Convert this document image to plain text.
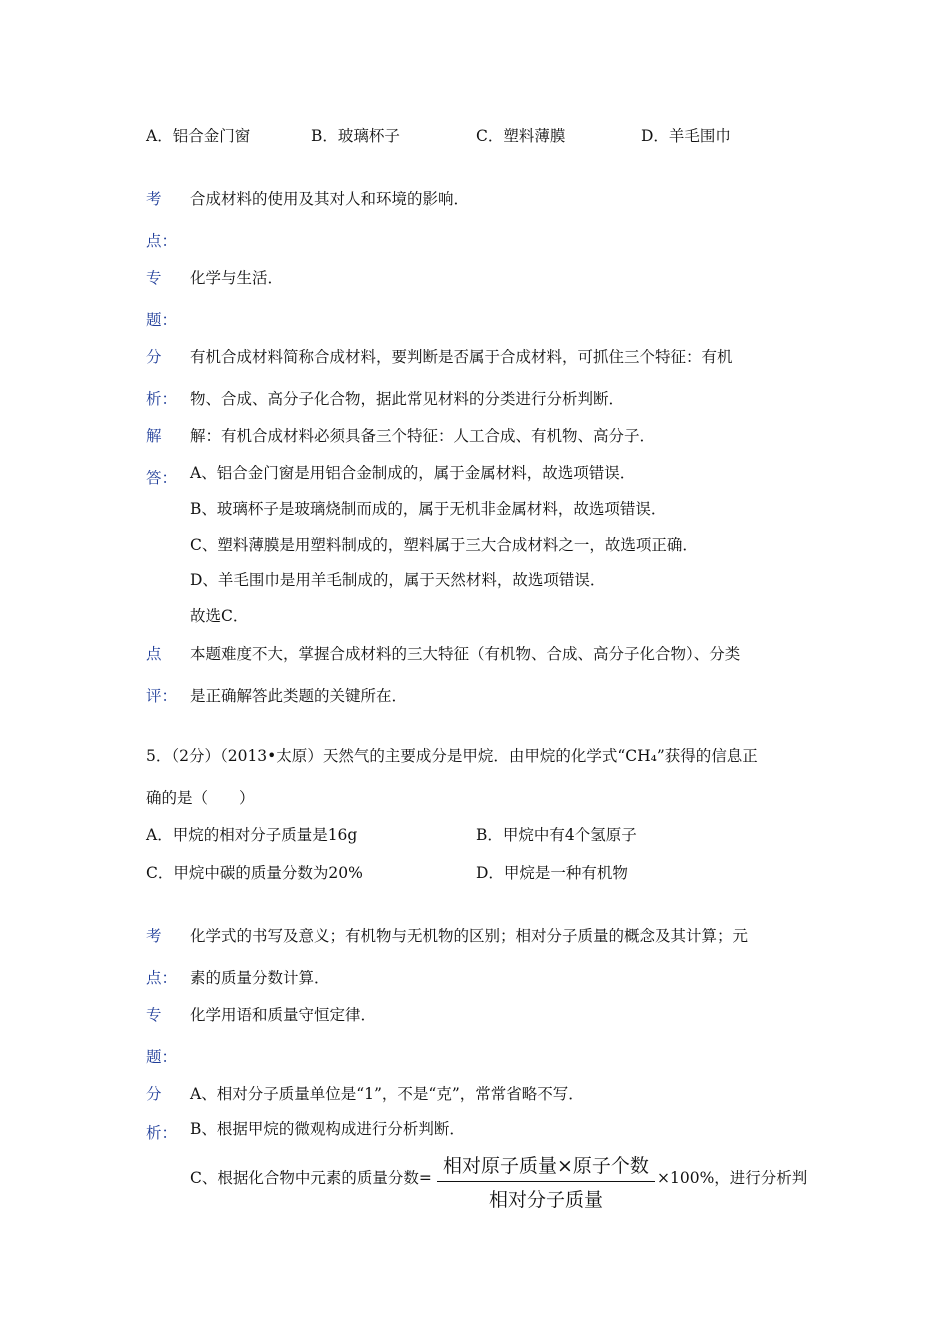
A．铝合金门窗	B．玻璃杯子	C．塑料薄膜	D．羊毛围巾
考 合成材料的使用及其对人和环境的影响．
点：
专 化学与生活．
题：
分 有机合成材料简称合成材料，要判断是否属于合成材料，可抓住三个特征：有机
析： 物、合成、高分子化合物，据此常见材料的分类进行分析判断．
解
答：
解：有机合成材料必须具备三个特征：人工合成、有机物、高分子．
A、铝合金门窗是用铝合金制成的，属于金属材料，故选项错误．
B、玻璃杯子是玻璃烧制而成的，属于无机非金属材料，故选项错误．
C、塑料薄膜是用塑料制成的，塑料属于三大合成材料之一，故选项正确．
D、羊毛围巾是用羊毛制成的，属于天然材料，故选项错误．
故选C．
点 本题难度不大，掌握合成材料的三大特征（有机物、合成、高分子化合物）、分类
评： 是正确解答此类题的关键所在．
5．（2分）（2013•太原）天然气的主要成分是甲烷．由甲烷的化学式“CH₄”获得的信息正
确的是（　　）
A．甲烷的相对分子质量是16g	B．甲烷中有4个氢原子
C．甲烷中碳的质量分数为20%	D．甲烷是一种有机物
考 化学式的书写及意义；有机物与无机物的区别；相对分子质量的概念及其计算；元
点： 素的质量分数计算．
专 化学用语和质量守恒定律．
题：
分 A、相对分子质量单位是“1”，不是“克”，常常省略不写．
析： B、根据甲烷的微观构成进行分析判断．
C、根据化合物中元素的质量分数=
相对原子质量×原子个数
相对分子质量
×100%，进行分析判
